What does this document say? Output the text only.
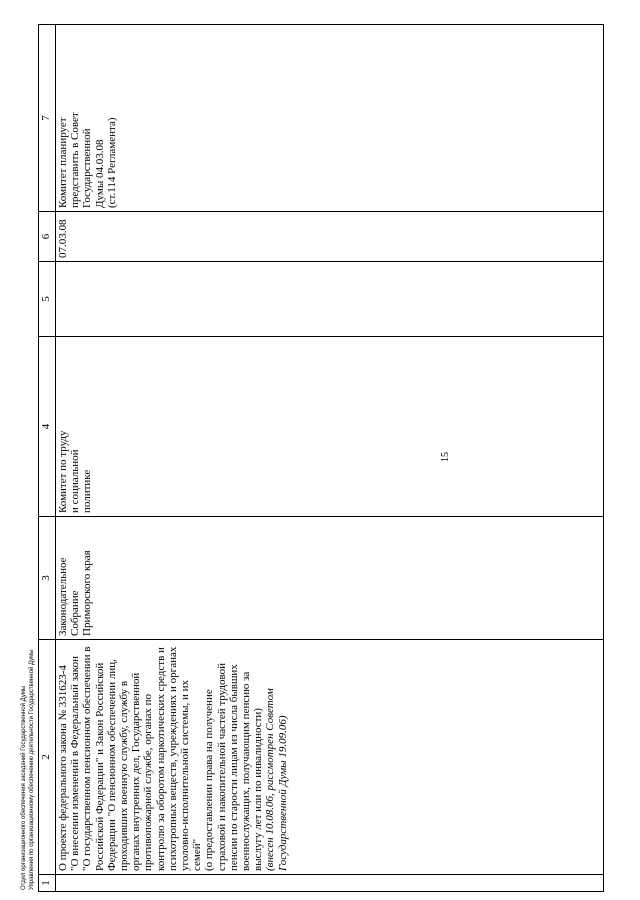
15
1
2 О проекте федерального закона № 331623-4 "О внесении изменений в Федеральный закон "О государственном пенсионном обеспечении в Российской Федерации" и Закон Российской Федерации "О пенсионном обеспечении лиц, проходивших военную службу, службу в органах внутренних дел, Государственной противопожарной службе, органах по контролю за оборотом наркотических средств и психотропных веществ, учреждениях и органах уголовно-исполнительной системы, и их семей" (о предоставлении права на получение страховой и накопительной частей трудовой пенсии по старости лицам из числа бывших военнослужащих, получающим пенсию за выслугу лет или по инвалидности) (внесен 10.08.06, рассмотрен Советом Государственной Думы 19.09.06)
3 Законодательное Собрание Приморского края
4
Комитет по труду и социальной политике
5
6 07.03.08
7 Комитет планирует представить в Совет Государственной Думы 04.03.08 (ст.114 Регламента)
Отдел организационного обеспечения заседаний Государственной Думы Управления по организационному обеспечению деятельности Государственной Думы
